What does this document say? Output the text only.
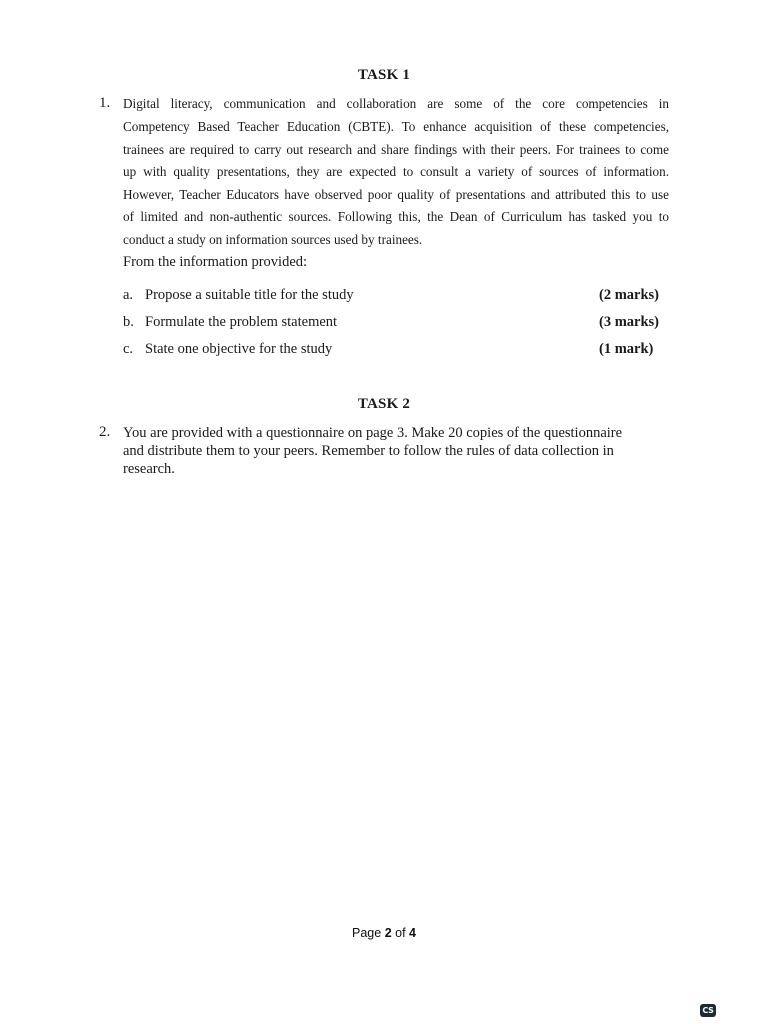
TASK 1
1. Digital literacy, communication and collaboration are some of the core competencies in
Competency Based Teacher Education (CBTE). To enhance acquisition of these competencies,
trainees are required to carry out research and share findings with their peers. For trainees to come
up with quality presentations, they are expected to consult a variety of sources of information.
However, Teacher Educators have observed poor quality of presentations and attributed this to use
of limited and non-authentic sources. Following this, the Dean of Curriculum has tasked you to
conduct a study on information sources used by trainees.
From the information provided:
a. Propose a suitable title for the study	(2 marks)
b. Formulate the problem statement	(3 marks)
c. State one objective for the study	(1 mark)
TASK 2
2. You are provided with a questionnaire on page 3. Make 20 copies of the questionnaire
and distribute them to your peers. Remember to follow the rules of data collection in
research.
Page 2 of 4
CS
